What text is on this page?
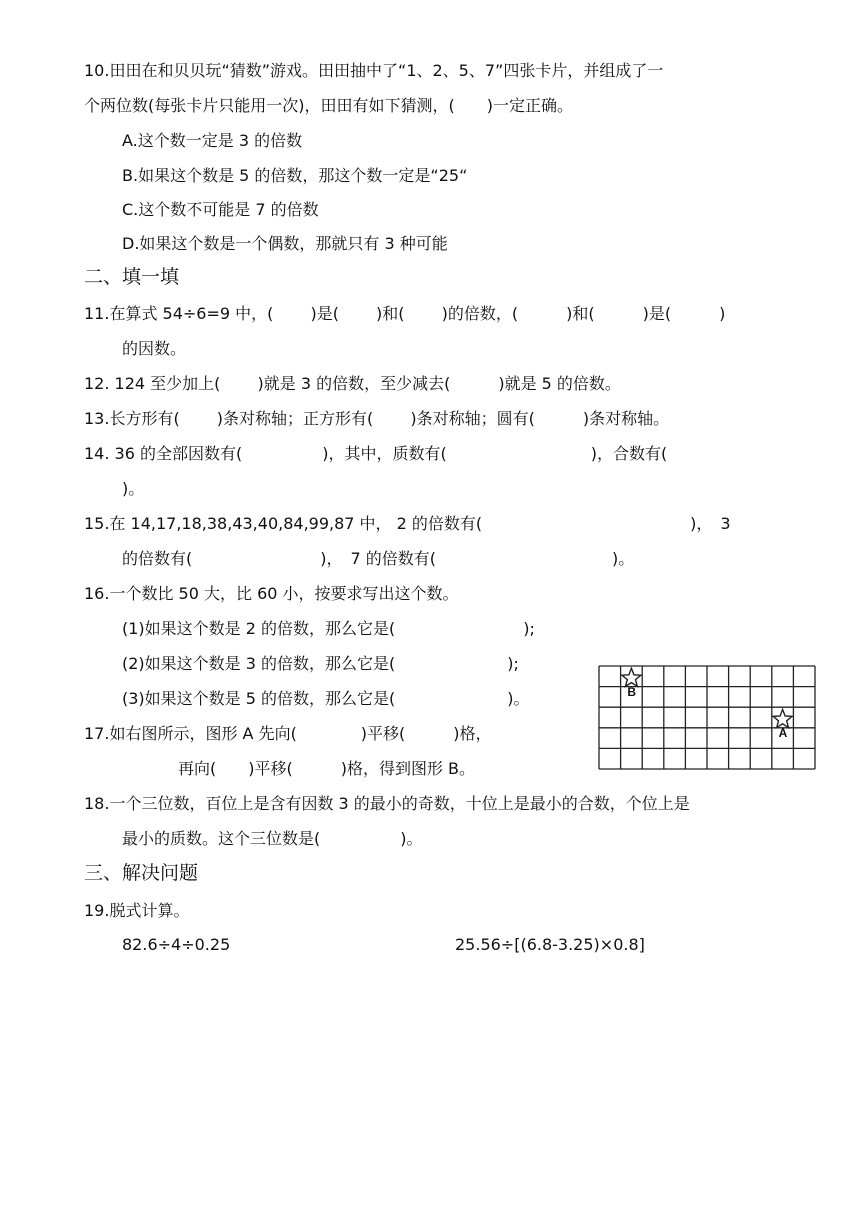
10.田田在和贝贝玩“猜数”游戏。田田抽中了“1、2、5、7”四张卡片，并组成了一
个两位数(每张卡片只能用一次)，田田有如下猜测，(　　)一定正确。
A.这个数一定是 3 的倍数
B.如果这个数是 5 的倍数，那这个数一定是“25“
C.这个数不可能是 7 的倍数
D.如果这个数是一个偶数，那就只有 3 种可能
二、填一填
11.在算式 54÷6=9 中，(　　 )是(　　 )和(　　 )的倍数，(　　　)和(　　　)是(　　　)
的因数。
12. 124 至少加上(　　 )就是 3 的倍数，至少减去(　　　)就是 5 的倍数。
13.长方形有(　　 )条对称轴；正方形有(　　 )条对称轴；圆有(　　　)条对称轴。
14. 36 的全部因数有(　　　　　)，其中，质数有(　　　　　　　　　)，合数有(
)。
15.在 14,17,18,38,43,40,84,99,87 中， 2 的倍数有(　　　　　　　　　　　　　)，　3
的倍数有(　　　　　　　　)，　7 的倍数有(　　　　　　　　　　　)。
16.一个数比 50 大，比 60 小，按要求写出这个数。
(1)如果这个数是 2 的倍数，那么它是(　　　　　　　　);
(2)如果这个数是 3 的倍数，那么它是(　　　　　　　);
(3)如果这个数是 5 的倍数，那么它是(　　　　　　　)。
17.如右图所示，图形 A 先向(　　　　)平移(　　　)格，
再向(　　)平移(　　　)格，得到图形 B。
B
A
18.一个三位数，百位上是含有因数 3 的最小的奇数，十位上是最小的合数，个位上是
最小的质数。这个三位数是(　　　　　)。
三、解决问题
19.脱式计算。
82.6÷4÷0.25	25.56÷[(6.8-3.25)×0.8]
